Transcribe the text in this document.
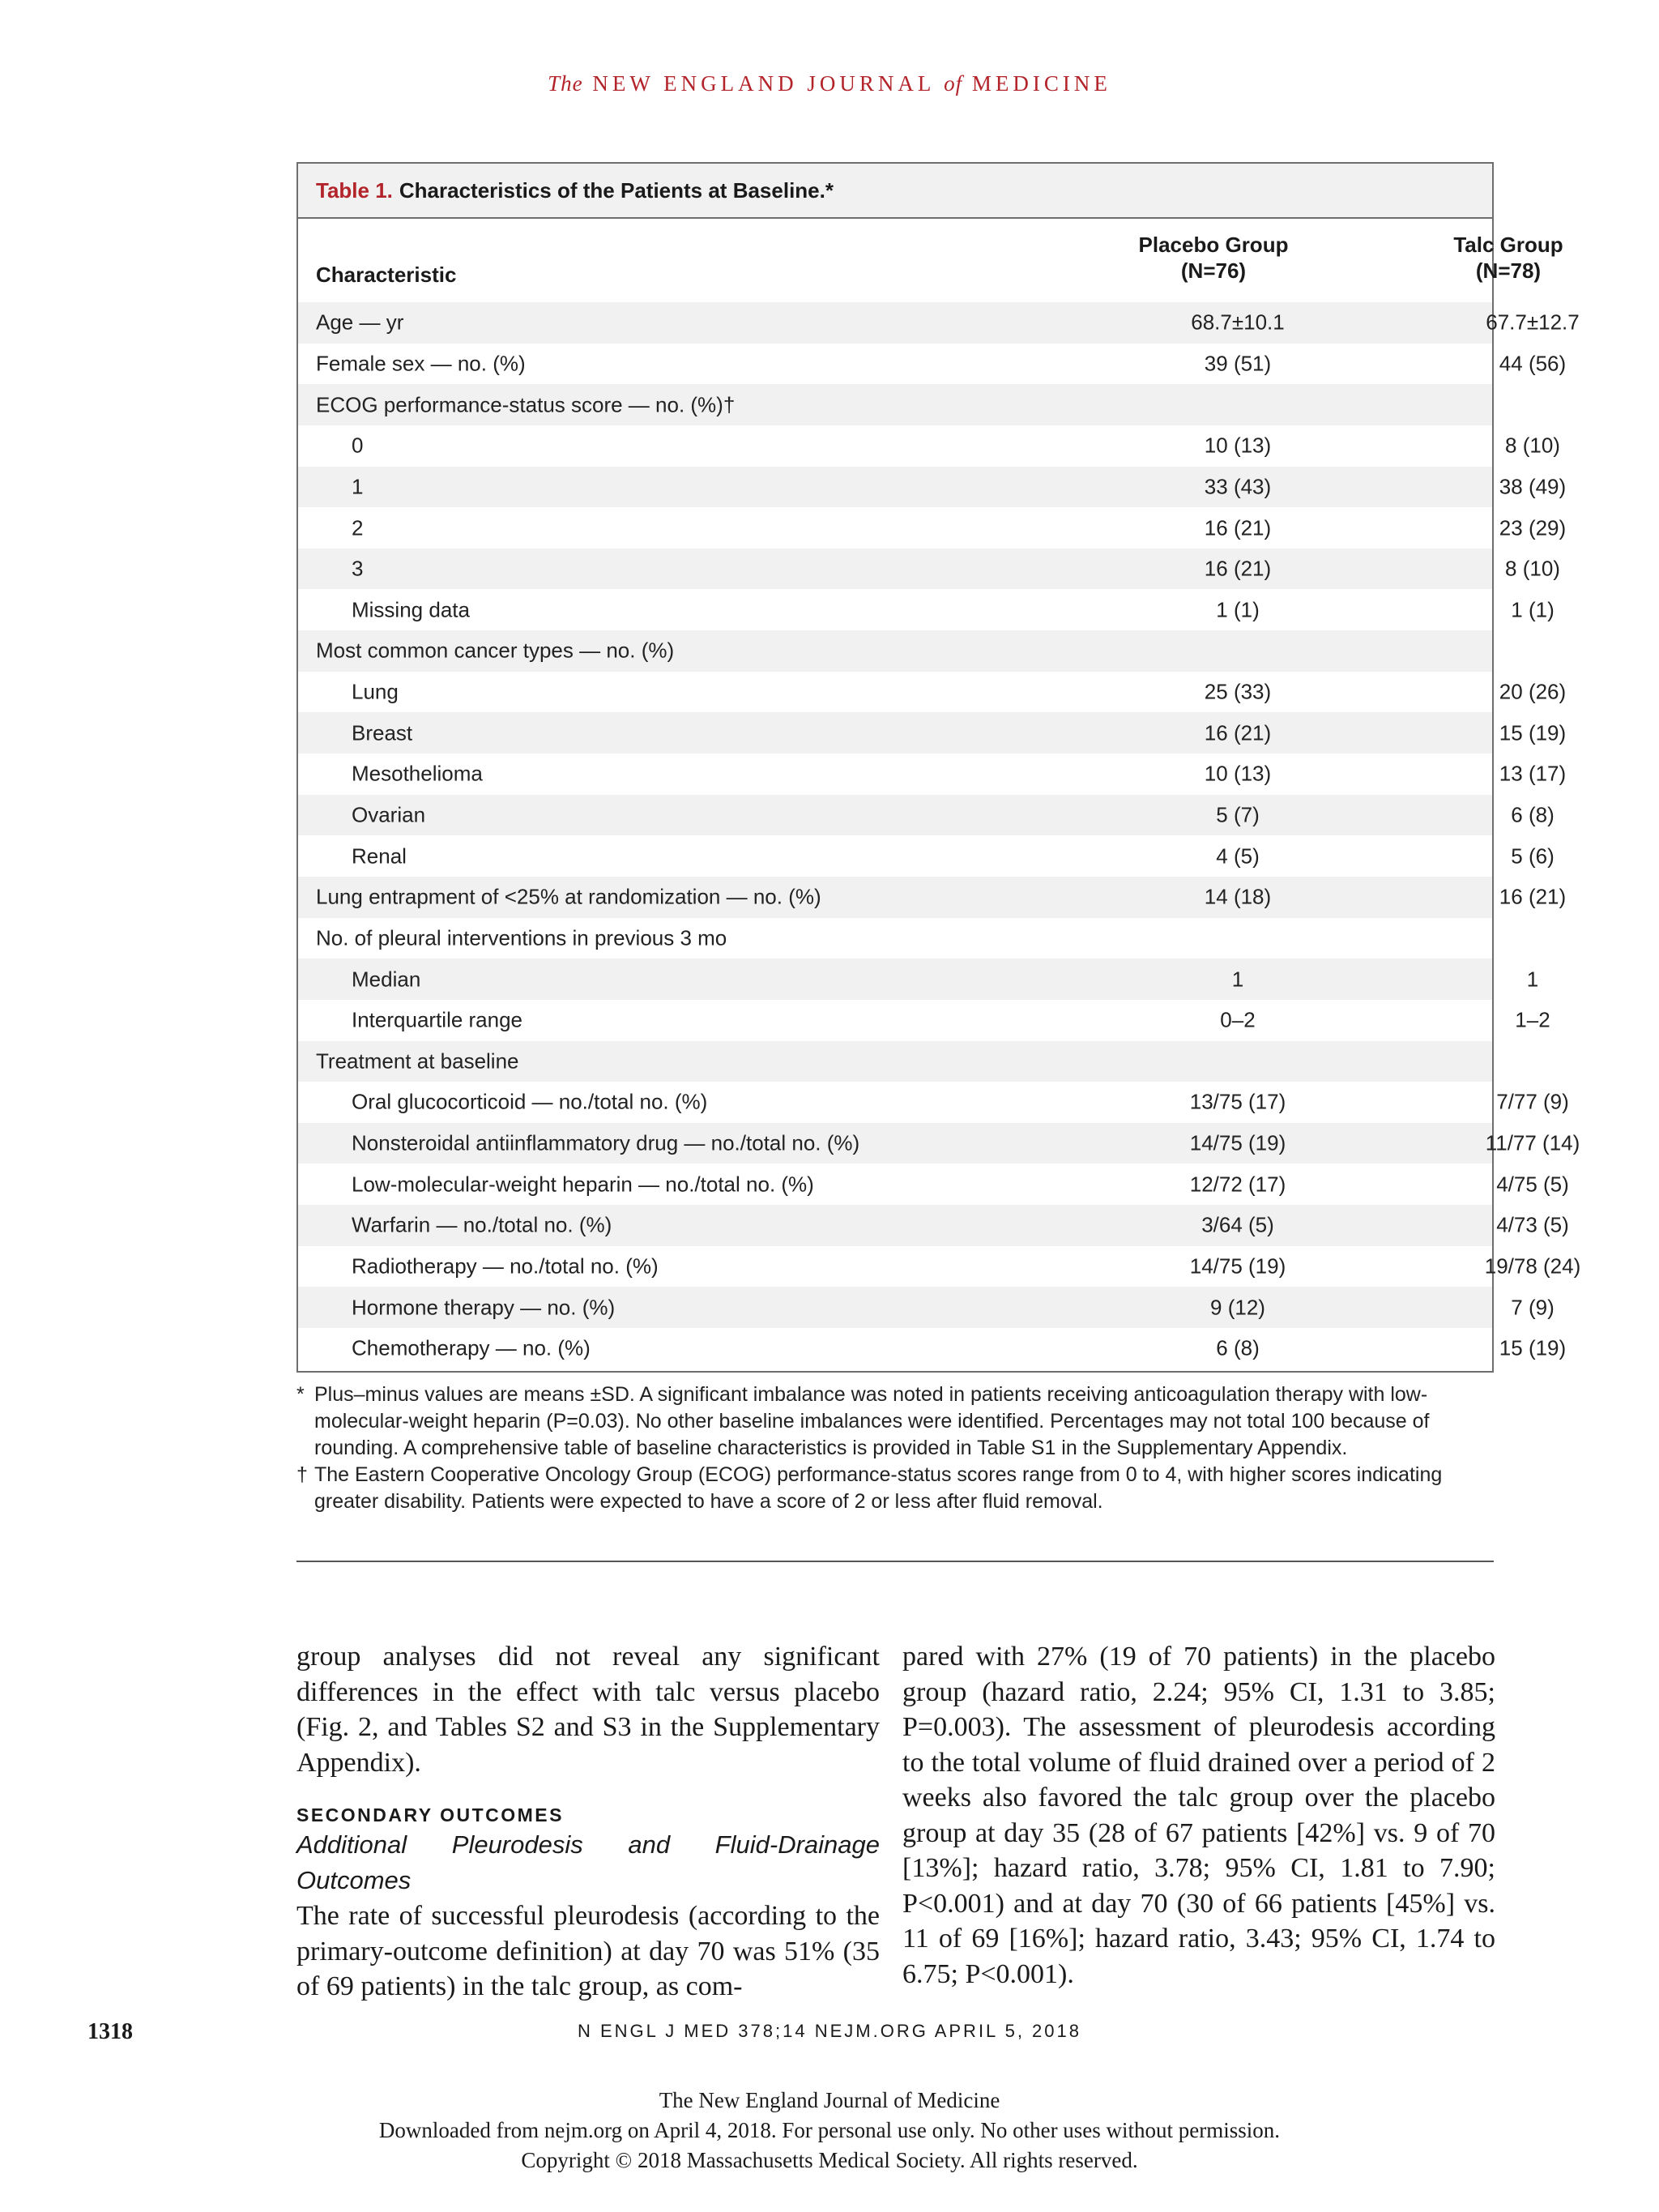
The NEW ENGLAND JOURNAL of MEDICINE
Table 1. Characteristics of the Patients at Baseline.*
Characteristic
Placebo Group
(N=76)
Talc Group
(N=78)
Age — yr	68.7±10.1	67.7±12.7
Female sex — no. (%)	39 (51)	44 (56)
ECOG performance-status score — no. (%)†
0	10 (13)	8 (10)
1	33 (43)	38 (49)
2	16 (21)	23 (29)
3	16 (21)	8 (10)
Missing data	1 (1)	1 (1)
Most common cancer types — no. (%)
Lung	25 (33)	20 (26)
Breast	16 (21)	15 (19)
Mesothelioma	10 (13)	13 (17)
Ovarian	5 (7)	6 (8)
Renal	4 (5)	5 (6)
Lung entrapment of <25% at randomization — no. (%)	14 (18)	16 (21)
No. of pleural interventions in previous 3 mo
Median	1	1
Interquartile range	0–2	1–2
Treatment at baseline
Oral glucocorticoid — no./total no. (%)	13/75 (17)	7/77 (9)
Nonsteroidal antiinflammatory drug — no./total no. (%)	14/75 (19)	11/77 (14)
Low-molecular-weight heparin — no./total no. (%)	12/72 (17)	4/75 (5)
Warfarin — no./total no. (%)	3/64 (5)	4/73 (5)
Radiotherapy — no./total no. (%)	14/75 (19)	19/78 (24)
Hormone therapy — no. (%)	9 (12)	7 (9)
Chemotherapy — no. (%)	6 (8)	15 (19)
* Plus–minus values are means ±SD. A significant imbalance was noted in patients receiving anticoagulation therapy with low-molecular-weight heparin (P=0.03). No other baseline imbalances were identified. Percentages may not total 100 because of rounding. A comprehensive table of baseline characteristics is provided in Table S1 in the Supplementary Appendix.
† The Eastern Cooperative Oncology Group (ECOG) performance-status scores range from 0 to 4, with higher scores indicating greater disability. Patients were expected to have a score of 2 or less after fluid removal.
group analyses did not reveal any significant differences in the effect with talc versus placebo (Fig. 2, and Tables S2 and S3 in the Supplementary Appendix).
SECONDARY OUTCOMES
Additional Pleurodesis and Fluid-Drainage Outcomes
The rate of successful pleurodesis (according to the primary-outcome definition) at day 70 was 51% (35 of 69 patients) in the talc group, as com-
pared with 27% (19 of 70 patients) in the placebo group (hazard ratio, 2.24; 95% CI, 1.31 to 3.85; P=0.003). The assessment of pleurodesis according to the total volume of fluid drained over a period of 2 weeks also favored the talc group over the placebo group at day 35 (28 of 67 patients [42%] vs. 9 of 70 [13%]; hazard ratio, 3.78; 95% CI, 1.81 to 7.90; P<0.001) and at day 70 (30 of 66 patients [45%] vs. 11 of 69 [16%]; hazard ratio, 3.43; 95% CI, 1.74 to 6.75; P<0.001).
1318	N ENGL J MED 378;14 NEJM.ORG APRIL 5, 2018
The New England Journal of Medicine
Downloaded from nejm.org on April 4, 2018. For personal use only. No other uses without permission.
Copyright © 2018 Massachusetts Medical Society. All rights reserved.
